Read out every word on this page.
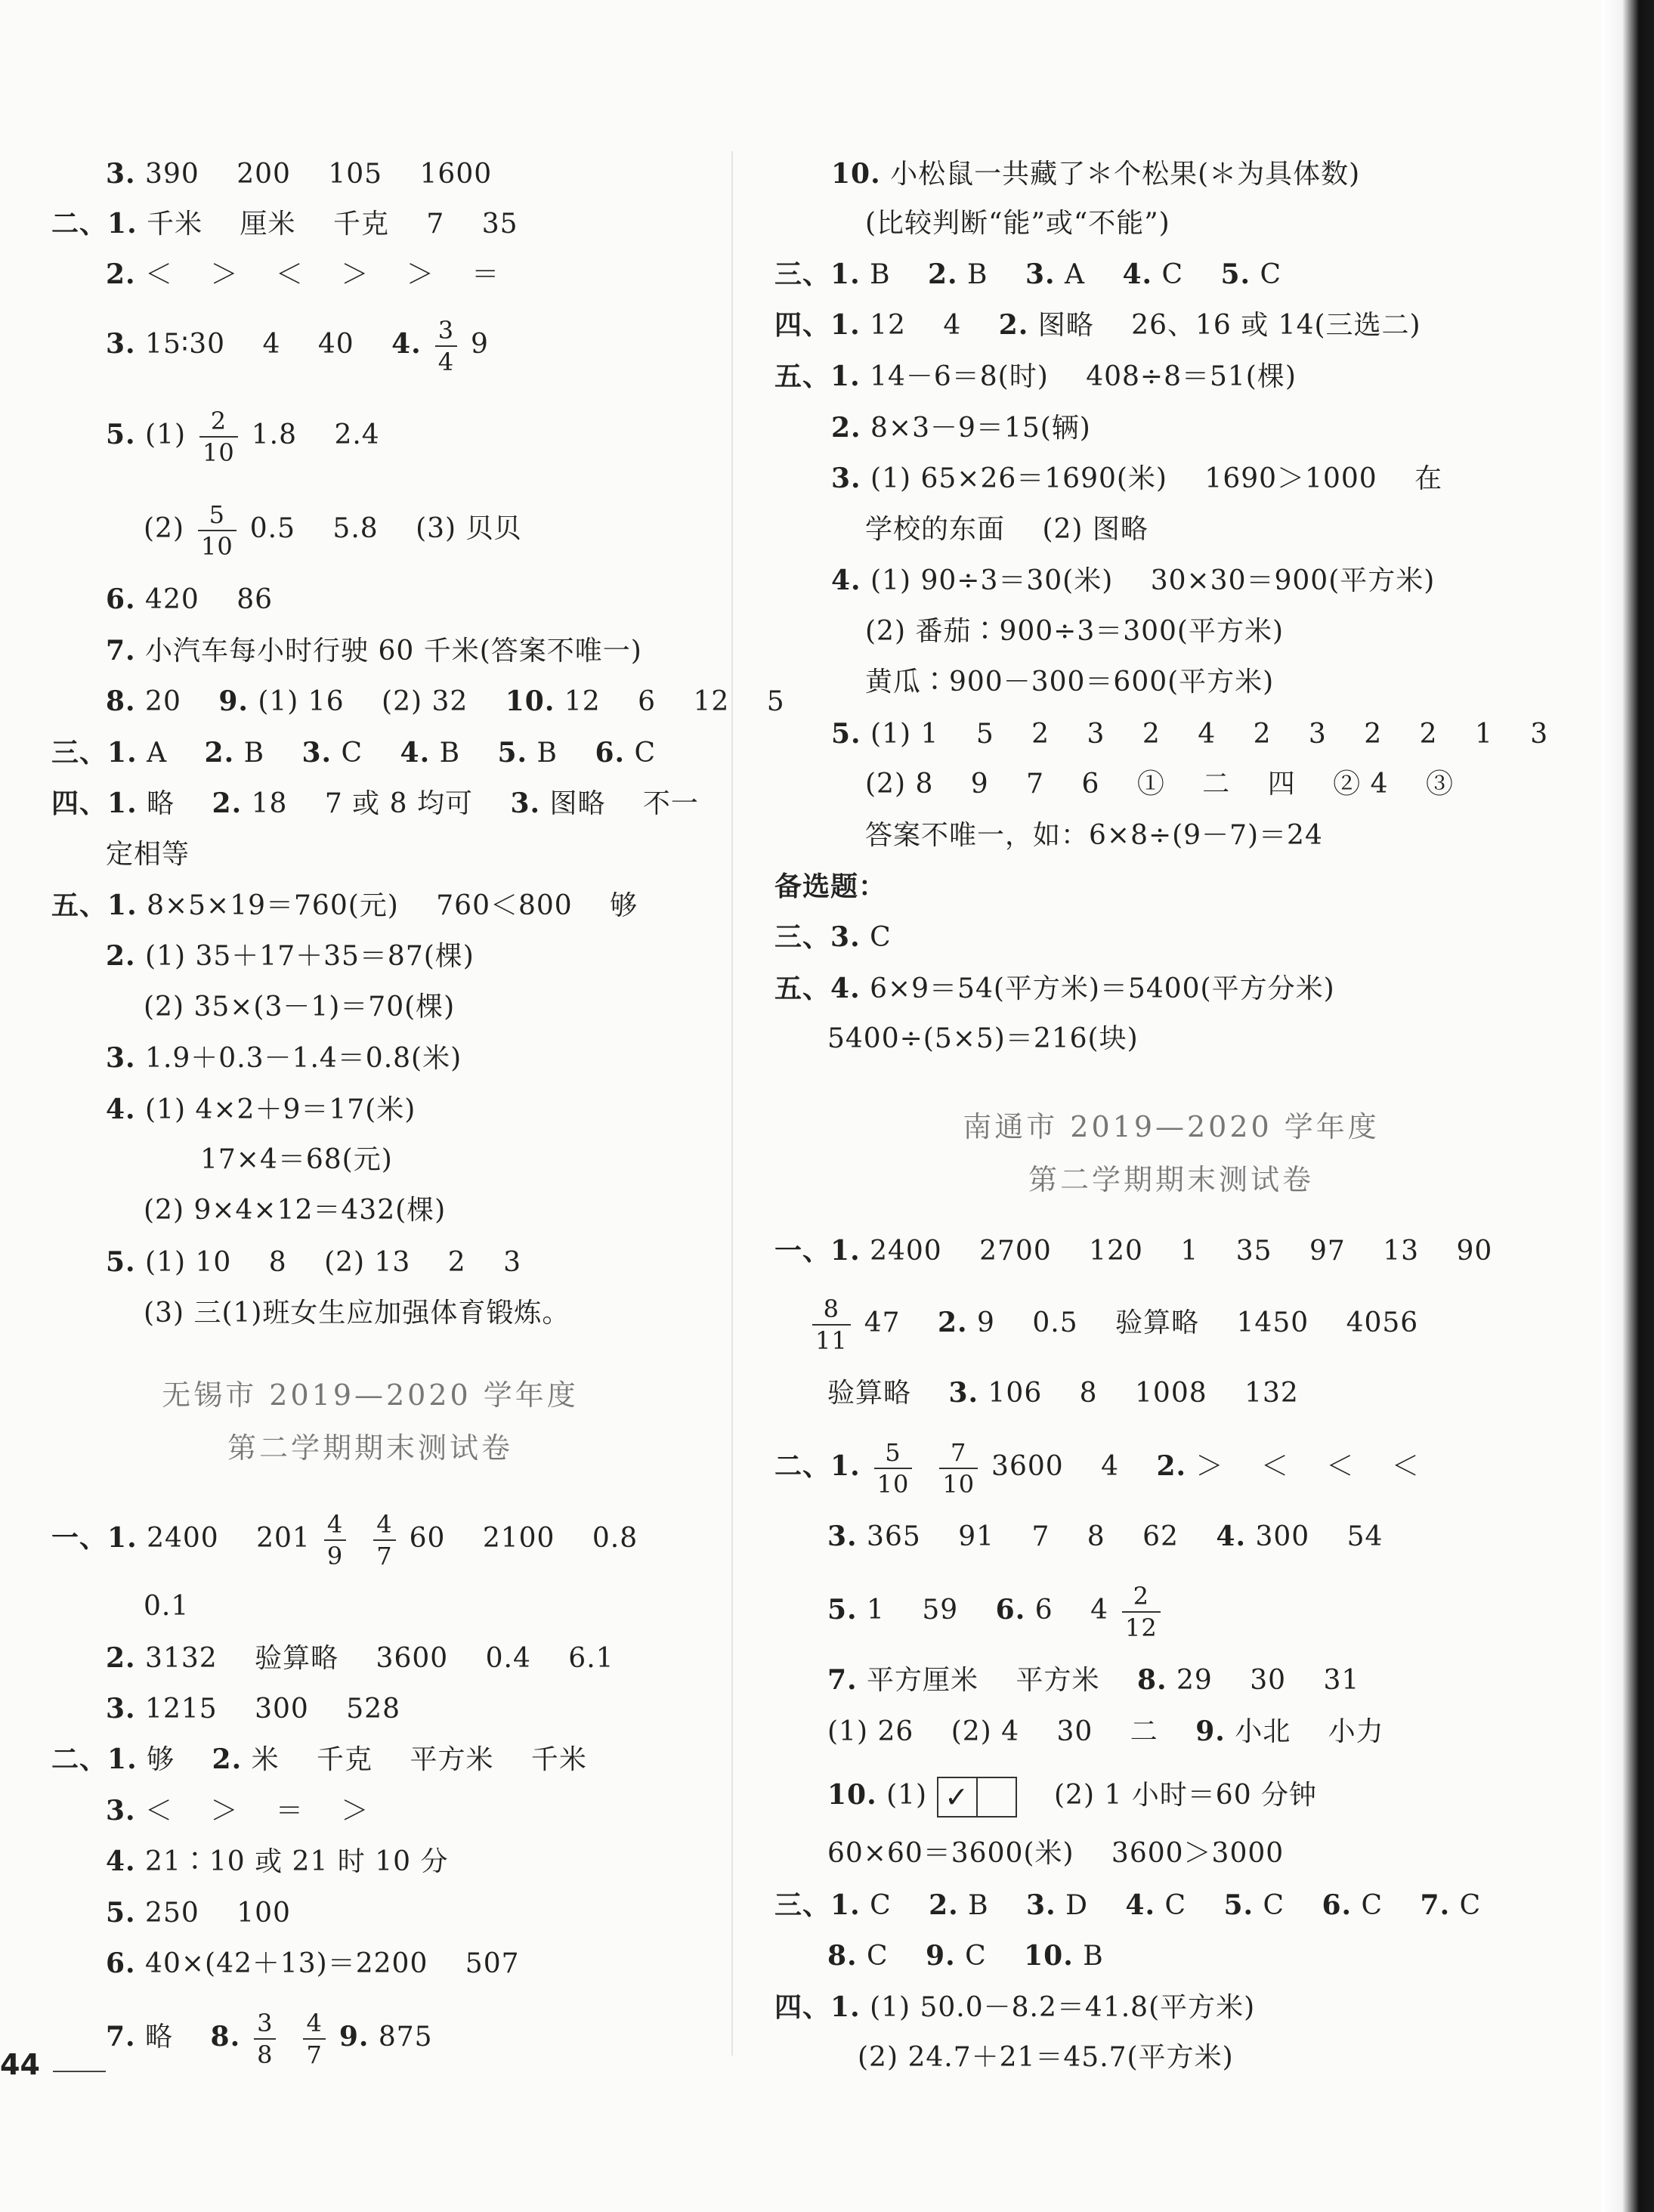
3. 390　 200　 105　 1600
二、1. 千米　 厘米　 千克　 7　 35
2. ＜　 ＞　 ＜　 ＞　 ＞　 ＝
3. 15∶30　 4　 40　 4. $\frac{3}{4} 9$
5. $(1) \frac{2}{10} 1.8$　 2.4
$(2) \frac{5}{10} 0.5$　 5.8　 (3) 贝贝
6. 420　 86
7. 小汽车每小时行驶 60 千米(答案不唯一)
8. 20　 9. (1) 16　 (2) 32　 10. 12　 6　 12　 5
三、1. A　 2. B　 3. C　 4. B　 5. B　 6. C
四、1. 略　 2. 18　 7 或 8 均可　 3. 图略　 不一
定相等
五、1. 8×5×19＝760(元)　 760＜800　 够
2. (1) 35＋17＋35＝87(棵)
(2) 35×(3－1)＝70(棵)
3. 1.9＋0.3－1.4＝0.8(米)
4. (1) 4×2＋9＝17(米)
17×4＝68(元)
(2) 9×4×12＝432(棵)
5. (1) 10　 8　 (2) 13　 2　 3
(3) 三(1)班女生应加强体育锻炼。
无锡市 2019—2020 学年度
第二学期期末测试卷
一、1. 2400　 $201 \frac{4}{9} \frac{4}{7} 60$　 2100　 0.8
0.1
2. 3132　 验算略　 3600　 0.4　 6.1
3. 1215　 300　 528
二、1. 够　 2. 米　 千克　 平方米　 千米
3. ＜　 ＞　 ＝　 ＞
4. 21∶10 或 21 时 10 分
5. 250　 100
6. 40×(42＋13)＝2200　 507
7. 略　 8. $\frac{3}{8} \frac{4}{7} 9$. 875
10. 小松鼠一共藏了＊个松果(＊为具体数)
(比较判断“能”或“不能”)
三、1. B　 2. B　 3. A　 4. C　 5. C
四、1. 12　 4　 2. 图略　 26、16 或 14(三选二)
五、1. 14－6＝8(时)　 408÷8＝51(棵)
2. 8×3－9＝15(辆)
3. (1) 65×26＝1690(米)　 1690＞1000　 在
学校的东面　 (2) 图略
4. (1) 90÷3＝30(米)　 30×30＝900(平方米)
(2) 番茄∶900÷3＝300(平方米)
黄瓜∶900－300＝600(平方米)
5. (1) 1　 5　 2　 3　 2　 4　 2　 3　 2　 2　 1　 3
(2) 8　 9　 7　 6　 ①　 二　 四　 ② 4　 ③
答案不唯一，如：6×8÷(9－7)＝24
备选题：
三、3. C
五、4. 6×9＝54(平方米)＝5400(平方分米)
5400÷(5×5)＝216(块)
南通市 2019—2020 学年度
第二学期期末测试卷
一、1. 2400　 2700　 120　 1　 35　 97　 13　 90
$\frac{8}{11} 47$　 2. 9　 0.5　 验算略　 1450　 4056
验算略　 3. 106　 8　 1008　 132
二、1. $\frac{5}{10} \frac{7}{10} 3600$　 4　 2. ＞　 ＜　 ＜　 ＜
3. 365　 91　 7　 8　 62　 4. 300　 54
5. 1　 59　 6. 6　 $4 \frac{2}{12}$
7. 平方厘米　 平方米　 8. 29　 30　 31
(1) 26　 (2) 4　 30　 二　 9. 小北　 小力
10. (1) ✓　	(2) 1 小时＝60 分钟
60×60＝3600(米)　 3600＞3000
三、1. C　 2. B　 3. D　 4. C　 5. C　 6. C　 7. C
8. C　 9. C　 10. B
四、1. (1) 50.0－8.2＝41.8(平方米)
(2) 24.7＋21＝45.7(平方米)
44
